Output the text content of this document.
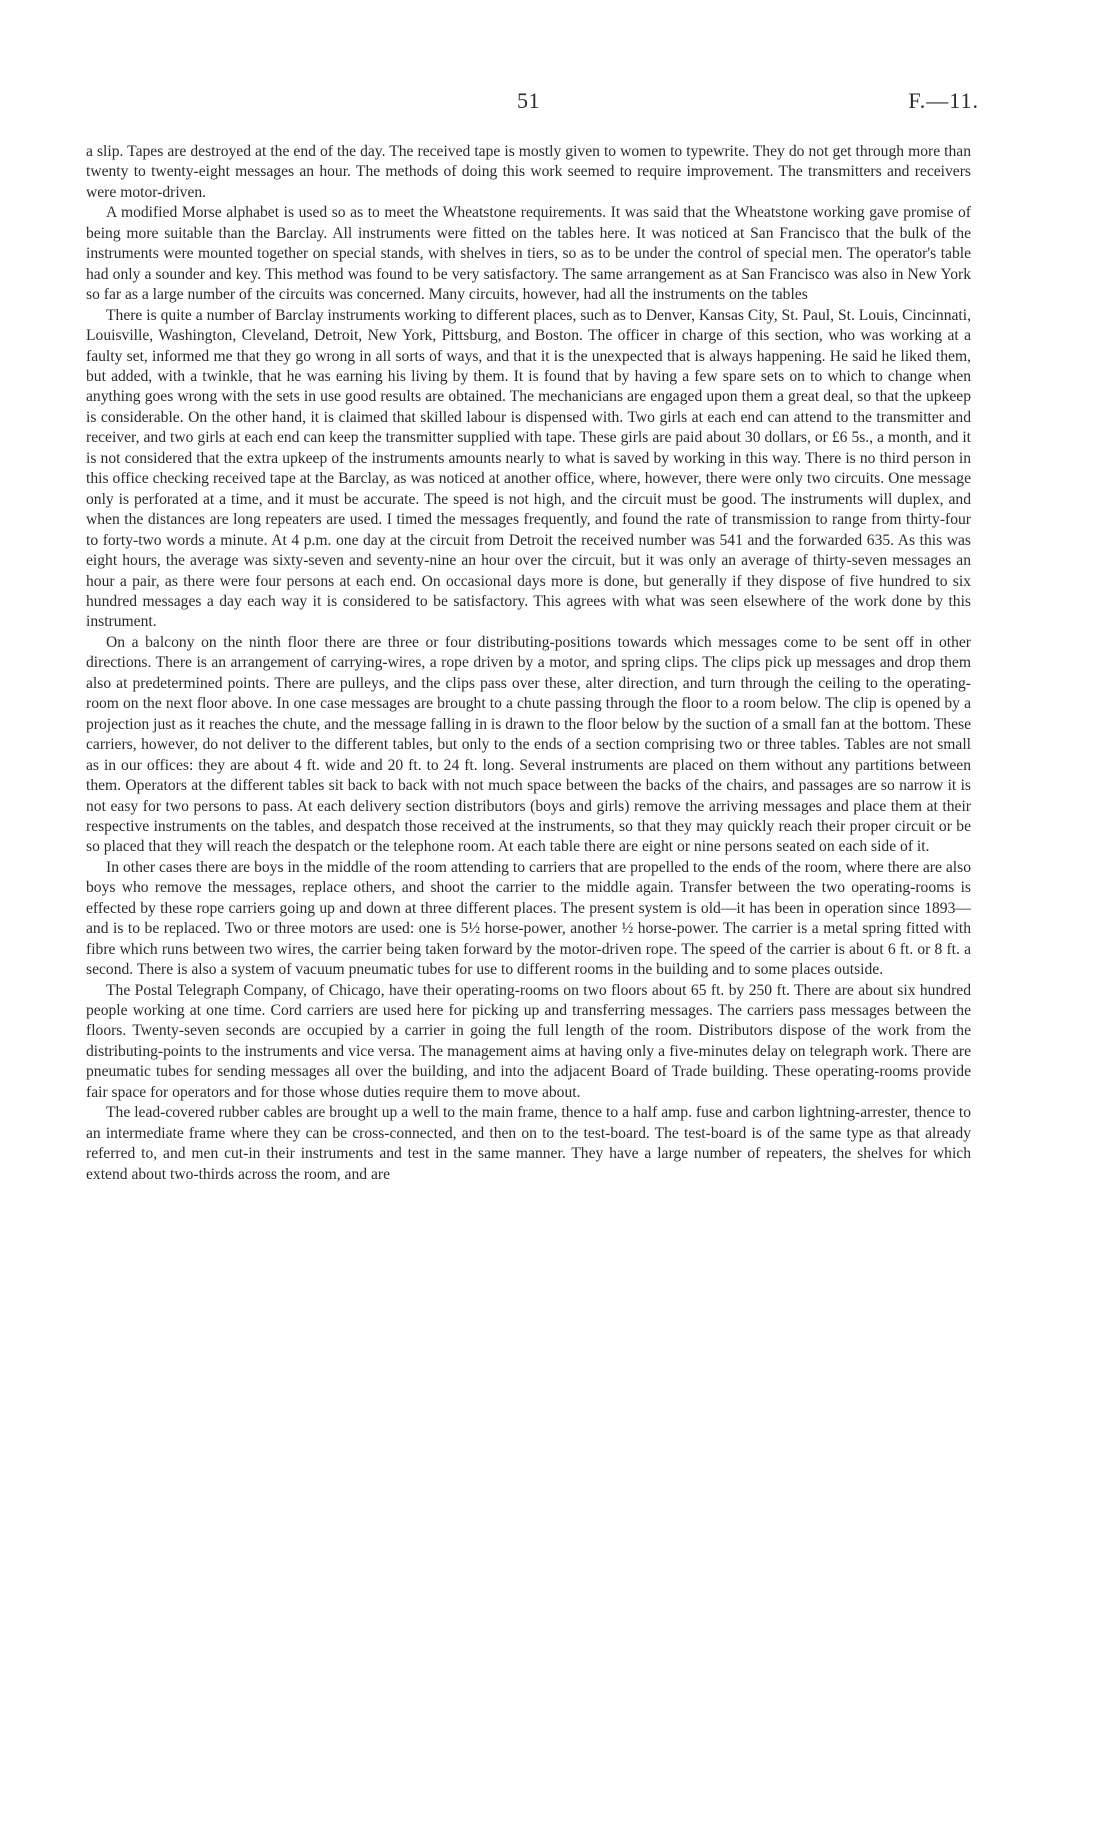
51	F.—11.

a slip. Tapes are destroyed at the end of the day. The received tape is mostly given to women to typewrite. They do not get through more than twenty to twenty-eight messages an hour. The methods of doing this work seemed to require improvement. The transmitters and receivers were motor-driven.

A modified Morse alphabet is used so as to meet the Wheatstone requirements. It was said that the Wheatstone working gave promise of being more suitable than the Barclay. All instruments were fitted on the tables here. It was noticed at San Francisco that the bulk of the instruments were mounted together on special stands, with shelves in tiers, so as to be under the control of special men. The operator's table had only a sounder and key. This method was found to be very satisfactory. The same arrangement as at San Francisco was also in New York so far as a large number of the circuits was concerned. Many circuits, however, had all the instruments on the tables

There is quite a number of Barclay instruments working to different places, such as to Denver, Kansas City, St. Paul, St. Louis, Cincinnati, Louisville, Washington, Cleveland, Detroit, New York, Pittsburg, and Boston. The officer in charge of this section, who was working at a faulty set, informed me that they go wrong in all sorts of ways, and that it is the unexpected that is always happening. He said he liked them, but added, with a twinkle, that he was earning his living by them. It is found that by having a few spare sets on to which to change when anything goes wrong with the sets in use good results are obtained. The mechanicians are engaged upon them a great deal, so that the upkeep is considerable. On the other hand, it is claimed that skilled labour is dispensed with. Two girls at each end can attend to the transmitter and receiver, and two girls at each end can keep the transmitter supplied with tape. These girls are paid about 30 dollars, or £6 5s., a month, and it is not considered that the extra upkeep of the instruments amounts nearly to what is saved by working in this way. There is no third person in this office checking received tape at the Barclay, as was noticed at another office, where, however, there were only two circuits. One message only is perforated at a time, and it must be accurate. The speed is not high, and the circuit must be good. The instruments will duplex, and when the distances are long repeaters are used. I timed the messages frequently, and found the rate of transmission to range from thirty-four to forty-two words a minute. At 4 p.m. one day at the circuit from Detroit the received number was 541 and the forwarded 635. As this was eight hours, the average was sixty-seven and seventy-nine an hour over the circuit, but it was only an average of thirty-seven messages an hour a pair, as there were four persons at each end. On occasional days more is done, but generally if they dispose of five hundred to six hundred messages a day each way it is considered to be satisfactory. This agrees with what was seen elsewhere of the work done by this instrument.

On a balcony on the ninth floor there are three or four distributing-positions towards which messages come to be sent off in other directions. There is an arrangement of carrying-wires, a rope driven by a motor, and spring clips. The clips pick up messages and drop them also at predetermined points. There are pulleys, and the clips pass over these, alter direction, and turn through the ceiling to the operating-room on the next floor above. In one case messages are brought to a chute passing through the floor to a room below. The clip is opened by a projection just as it reaches the chute, and the message falling in is drawn to the floor below by the suction of a small fan at the bottom. These carriers, however, do not deliver to the different tables, but only to the ends of a section comprising two or three tables. Tables are not small as in our offices: they are about 4 ft. wide and 20 ft. to 24 ft. long. Several instruments are placed on them without any partitions between them. Operators at the different tables sit back to back with not much space between the backs of the chairs, and passages are so narrow it is not easy for two persons to pass. At each delivery section distributors (boys and girls) remove the arriving messages and place them at their respective instruments on the tables, and despatch those received at the instruments, so that they may quickly reach their proper circuit or be so placed that they will reach the despatch or the telephone room. At each table there are eight or nine persons seated on each side of it.

In other cases there are boys in the middle of the room attending to carriers that are propelled to the ends of the room, where there are also boys who remove the messages, replace others, and shoot the carrier to the middle again. Transfer between the two operating-rooms is effected by these rope carriers going up and down at three different places. The present system is old—it has been in operation since 1893—and is to be replaced. Two or three motors are used: one is 5½ horse-power, another ½ horse-power. The carrier is a metal spring fitted with fibre which runs between two wires, the carrier being taken forward by the motor-driven rope. The speed of the carrier is about 6 ft. or 8 ft. a second. There is also a system of vacuum pneumatic tubes for use to different rooms in the building and to some places outside.

The Postal Telegraph Company, of Chicago, have their operating-rooms on two floors about 65 ft. by 250 ft. There are about six hundred people working at one time. Cord carriers are used here for picking up and transferring messages. The carriers pass messages between the floors. Twenty-seven seconds are occupied by a carrier in going the full length of the room. Distributors dispose of the work from the distributing-points to the instruments and vice versa. The management aims at having only a five-minutes delay on telegraph work. There are pneumatic tubes for sending messages all over the building, and into the adjacent Board of Trade building. These operating-rooms provide fair space for operators and for those whose duties require them to move about.

The lead-covered rubber cables are brought up a well to the main frame, thence to a half amp. fuse and carbon lightning-arrester, thence to an intermediate frame where they can be cross-connected, and then on to the test-board. The test-board is of the same type as that already referred to, and men cut-in their instruments and test in the same manner. They have a large number of repeaters, the shelves for which extend about two-thirds across the room, and are
